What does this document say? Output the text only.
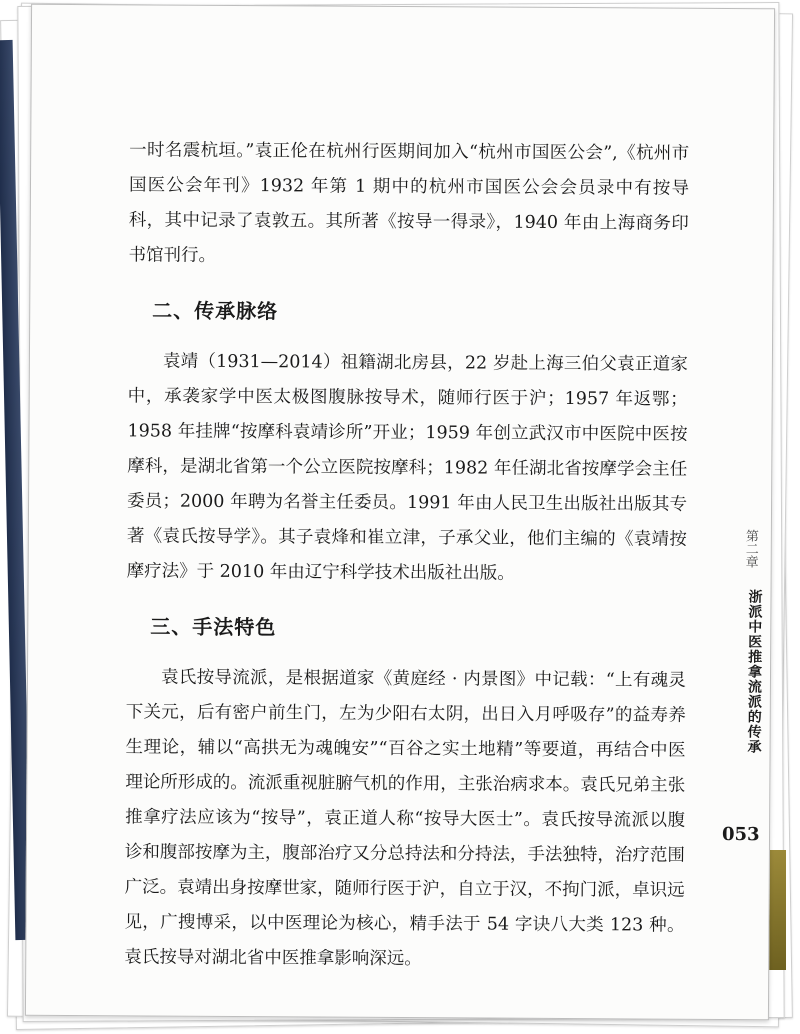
一时名震杭垣。”袁正伦在杭州行医期间加入“杭州市国医公会”,《杭州市国医公会年刊》1932 年第 1 期中的杭州市国医公会会员录中有按导科，其中记录了袁敦五。其所著《按导一得录》，1940 年由上海商务印书馆刊行。

二、传承脉络

袁靖（1931—2014）祖籍湖北房县，22 岁赴上海三伯父袁正道家中，承袭家学中医太极图腹脉按导术，随师行医于沪；1957 年返鄂；1958 年挂牌“按摩科袁靖诊所”开业；1959 年创立武汉市中医院中医按摩科，是湖北省第一个公立医院按摩科；1982 年任湖北省按摩学会主任委员；2000 年聘为名誉主任委员。1991 年由人民卫生出版社出版其专著《袁氏按导学》。其子袁烽和崔立津，子承父业，他们主编的《袁靖按摩疗法》于 2010 年由辽宁科学技术出版社出版。

三、手法特色

袁氏按导流派，是根据道家《黄庭经 · 内景图》中记载：“上有魂灵下关元，后有密户前生门，左为少阳右太阴，出日入月呼吸存”的益寿养生理论，辅以“高拱无为魂魄安”“百谷之实土地精”等要道，再结合中医理论所形成的。流派重视脏腑气机的作用，主张治病求本。袁氏兄弟主张推拿疗法应该为“按导”，袁正道人称“按导大医士”。袁氏按导流派以腹诊和腹部按摩为主，腹部治疗又分总持法和分持法，手法独特，治疗范围广泛。袁靖出身按摩世家，随师行医于沪，自立于汉，不拘门派，卓识远见，广搜博采，以中医理论为核心，精手法于 54 字诀八大类 123 种。袁氏按导对湖北省中医推拿影响深远。

第二章
浙派中医推拿流派的传承
053
